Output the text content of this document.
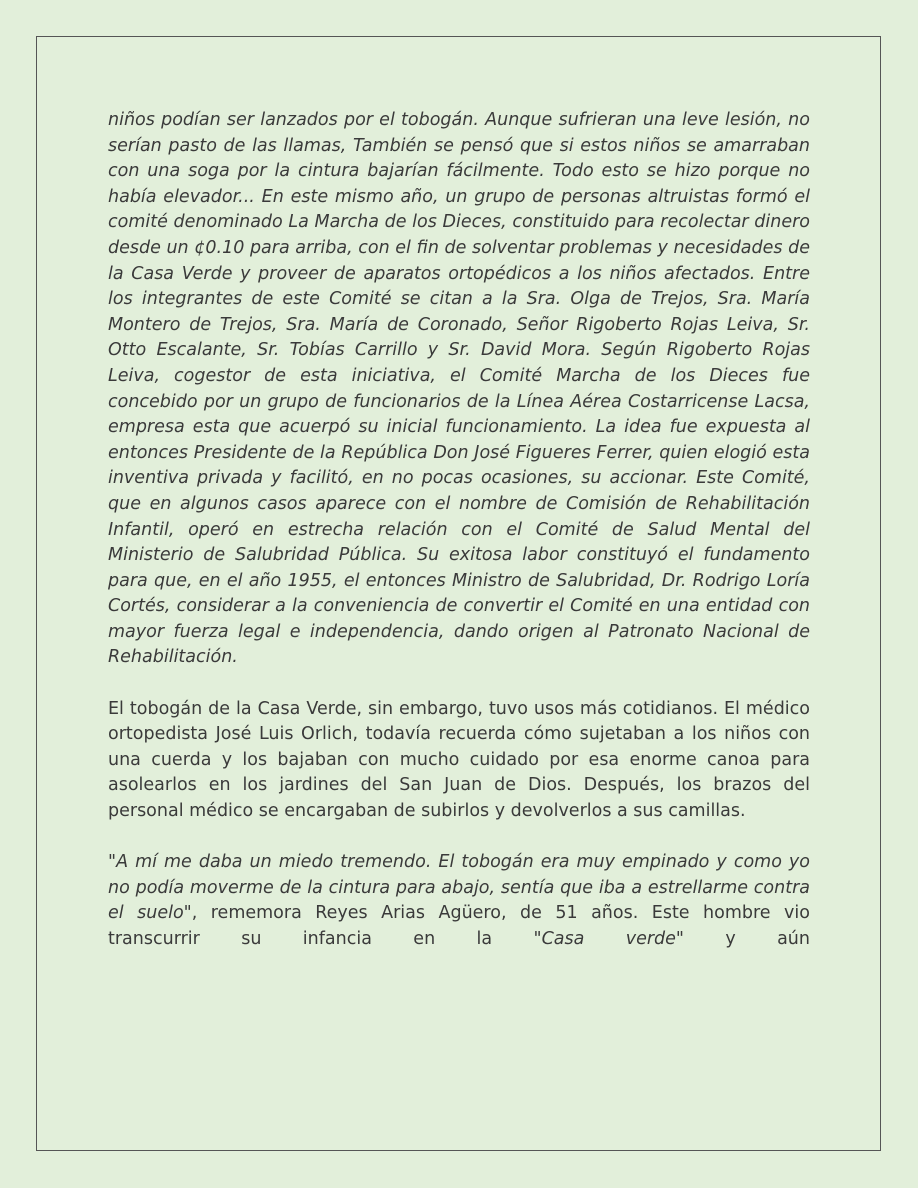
niños podían ser lanzados por el tobogán. Aunque sufrieran una leve lesión, no serían pasto de las llamas, También se pensó que si estos niños se amarraban con una soga por la cintura bajarían fácilmente. Todo esto se hizo porque no había elevador... En este mismo año, un grupo de personas altruistas formó el comité denominado La Marcha de los Dieces, constituido para recolectar dinero desde un ¢0.10 para arriba, con el fin de solventar problemas y necesidades de la Casa Verde y proveer de aparatos ortopédicos a los niños afectados. Entre los integrantes de este Comité se citan a la Sra. Olga de Trejos, Sra. María Montero de Trejos, Sra. María de Coronado, Señor Rigoberto Rojas Leiva, Sr. Otto Escalante, Sr. Tobías Carrillo y Sr. David Mora. Según Rigoberto Rojas Leiva, cogestor de esta iniciativa, el Comité Marcha de los Dieces fue concebido por un grupo de funcionarios de la Línea Aérea Costarricense Lacsa, empresa esta que acuerpó su inicial funcionamiento. La idea fue expuesta al entonces Presidente de la República Don José Figueres Ferrer, quien elogió esta inventiva privada y facilitó, en no pocas ocasiones, su accionar. Este Comité, que en algunos casos aparece con el nombre de Comisión de Rehabilitación Infantil, operó en estrecha relación con el Comité de Salud Mental del Ministerio de Salubridad Pública. Su exitosa labor constituyó el fundamento para que, en el año 1955, el entonces Ministro de Salubridad, Dr. Rodrigo Loría Cortés, considerar a la conveniencia de convertir el Comité en una entidad con mayor fuerza legal e independencia, dando origen al Patronato Nacional de Rehabilitación.

El tobogán de la Casa Verde, sin embargo, tuvo usos más cotidianos. El médico ortopedista José Luis Orlich, todavía recuerda cómo sujetaban a los niños con una cuerda y los bajaban con mucho cuidado por esa enorme canoa para asolearlos en los jardines del San Juan de Dios. Después, los brazos del personal médico se encargaban de subirlos y devolverlos a sus camillas.

"A mí me daba un miedo tremendo. El tobogán era muy empinado y como yo no podía moverme de la cintura para abajo, sentía que iba a estrellarme contra el suelo", rememora Reyes Arias Agüero, de 51 años. Este hombre vio transcurrir su infancia en la "Casa verde" y aún
